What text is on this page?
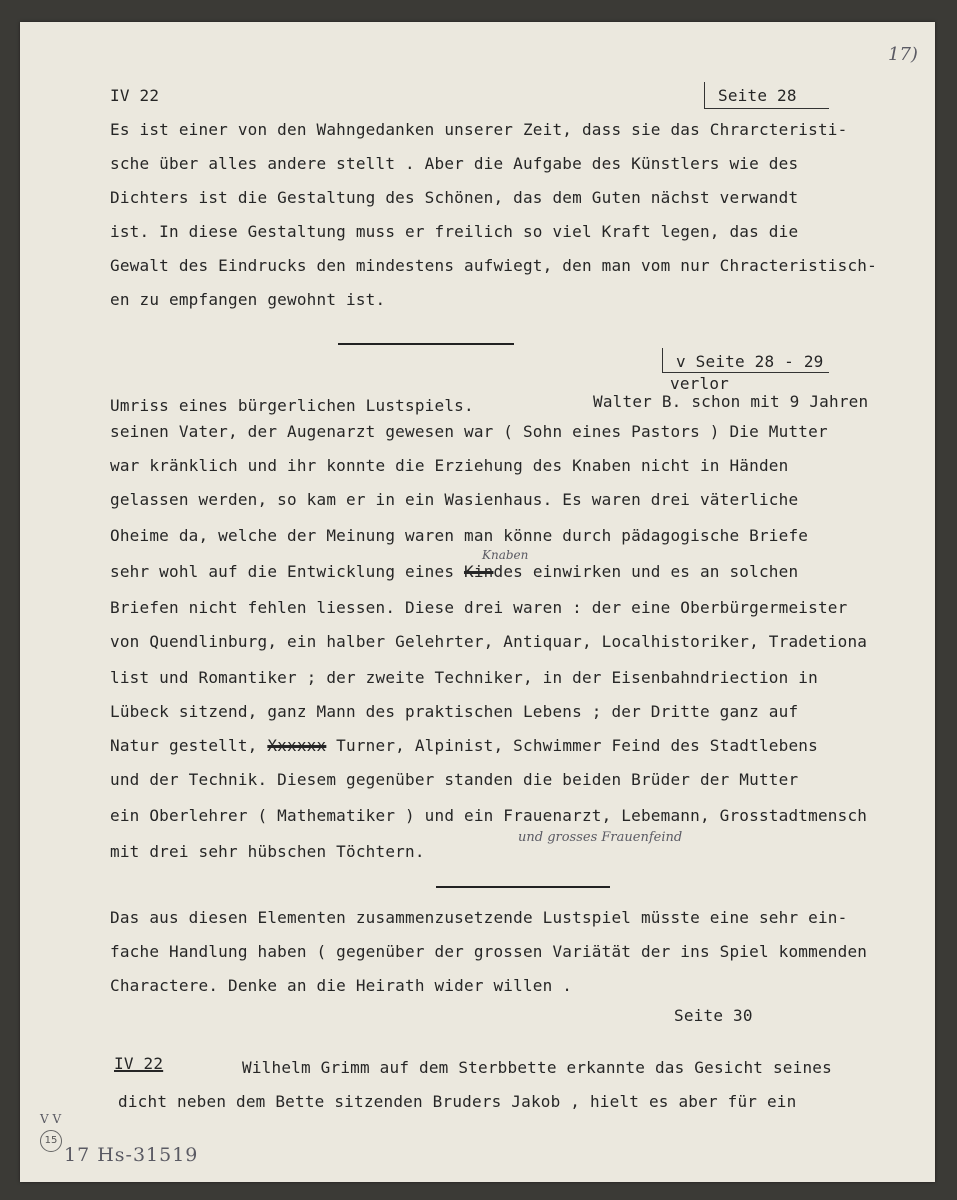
17)
IV 22	Seite 28
Es ist einer von den Wahngedanken unserer Zeit, dass sie das Chrarcteristi-
sche über alles andere stellt . Aber die Aufgabe des Künstlers wie des
Dichters ist die Gestaltung des Schönen, das dem Guten nächst verwandt
ist. In diese Gestaltung muss er freilich so viel Kraft legen, das die
Gewalt des Eindrucks den mindestens aufwiegt, den man vom nur Chracteristisch-
en zu empfangen gewohnt ist.
v Seite 28 - 29
verlor
Umriss eines bürgerlichen Lustspiels.	Walter B. schon mit 9 Jahren
seinen Vater, der Augenarzt gewesen war ( Sohn eines Pastors ) Die Mutter
war kränklich und ihr konnte die Erziehung des Knaben nicht in Händen
gelassen werden, so kam er in ein Wasienhaus. Es waren drei väterliche
Oheime da, welche der Meinung waren man könne durch pädagogische Briefe
Knaben
sehr wohl auf die Entwicklung eines Kindes einwirken und es an solchen
Briefen nicht fehlen liessen. Diese drei waren : der eine Oberbürgermeister
von Quendlinburg, ein halber Gelehrter, Antiquar, Localhistoriker, Tradetiona
list und Romantiker ; der zweite Techniker, in der Eisenbahndriection in
Lübeck sitzend, ganz Mann des praktischen Lebens ; der Dritte ganz auf
Natur gestellt, Xxxxxx Turner, Alpinist, Schwimmer Feind des Stadtlebens
und der Technik. Diesem gegenüber standen die beiden Brüder der Mutter
ein Oberlehrer ( Mathematiker ) und ein Frauenarzt, Lebemann, Grosstadtmensch
mit drei sehr hübschen Töchtern.
und grosses Frauenfeind
Das aus diesen Elementen zusammenzusetzende Lustspiel müsste eine sehr ein-
fache Handlung haben ( gegenüber der grossen Variätät der ins Spiel kommenden
Charactere. Denke an die Heirath wider willen .
Seite 30
IV 22	Wilhelm Grimm auf dem Sterbbette erkannte das Gesicht seines
dicht neben dem Bette sitzenden Bruders Jakob , hielt es aber für ein
V V
15
17 Hs-31519
